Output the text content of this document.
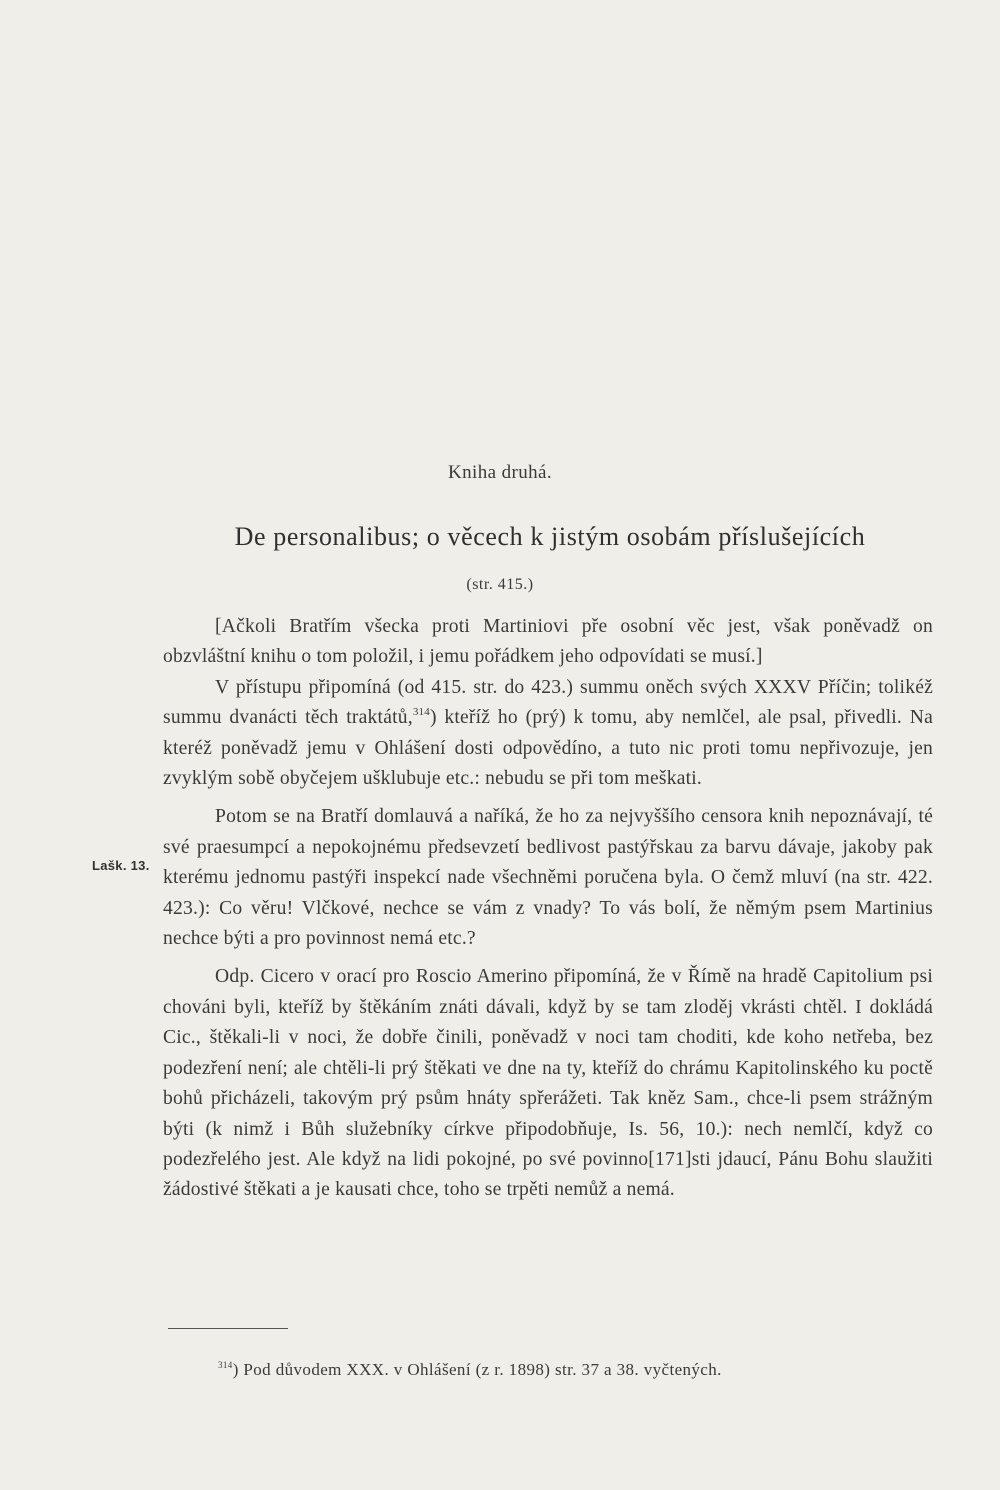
Kniha druhá.
De personalibus; o věcech k jistým osobám příslušejících
(str. 415.)
Lašk. 13.

[Ačkoli Bratřím všecka proti Martiniovi pře osobní věc jest, však poněvadž on obzvláštní knihu o tom položil, i jemu pořádkem jeho odpovídati se musí.]

V přístupu připomíná (od 415. str. do 423.) summu oněch svých XXXV Příčin; tolikéž summu dvanácti těch traktátů,$^{314}$) kteříž ho (prý) k tomu, aby nemlčel, ale psal, přivedli. Na kteréž poněvadž jemu v Ohlášení dosti odpovědíno, a tuto nic proti tomu nepřivozuje, jen zvyklým sobě obyčejem ušklubuje etc.: nebudu se při tom meškati.

Potom se na Bratří domlauvá a naříká, že ho za nejvyššího censora knih nepoznávají, té své praesumpcí a nepokojnému předsevzetí bedlivost pastýřskau za barvu dávaje, jakoby pak kterému jednomu pastýři inspekcí nade všechněmi poručena byla. O čemž mluví (na str. 422. 423.): Co věru! Vlčkové, nechce se vám z vnady? To vás bolí, že němým psem Martinius nechce býti a pro povinnost nemá etc.?

Odp. Cicero v orací pro Roscio Amerino připomíná, že v Římě na hradě Capitolium psi chováni byli, kteříž by štěkáním znáti dávali, když by se tam zloděj vkrásti chtěl. I dokládá Cic., štěkali-li v noci, že dobře činili, poněvadž v noci tam choditi, kde koho netřeba, bez podezření není; ale chtěli-li prý štěkati ve dne na ty, kteříž do chrámu Kapitolinského ku poctě bohů přicházeli, takovým prý psům hnáty spřerážeti. Tak kněz Sam., chce-li psem strážným býti (k nimž i Bůh služebníky církve připodobňuje, Is. 56, 10.): nech nemlčí, když co podezřelého jest. Ale když na lidi pokojné, po své povinno[171]sti jdaucí, Pánu Bohu slaužiti žádostivé štěkati a je kausati chce, toho se trpěti nemůž a nemá.

$^{314}$) Pod důvodem XXX. v Ohlášení (z r. 1898) str. 37 a 38. vyčtených.
